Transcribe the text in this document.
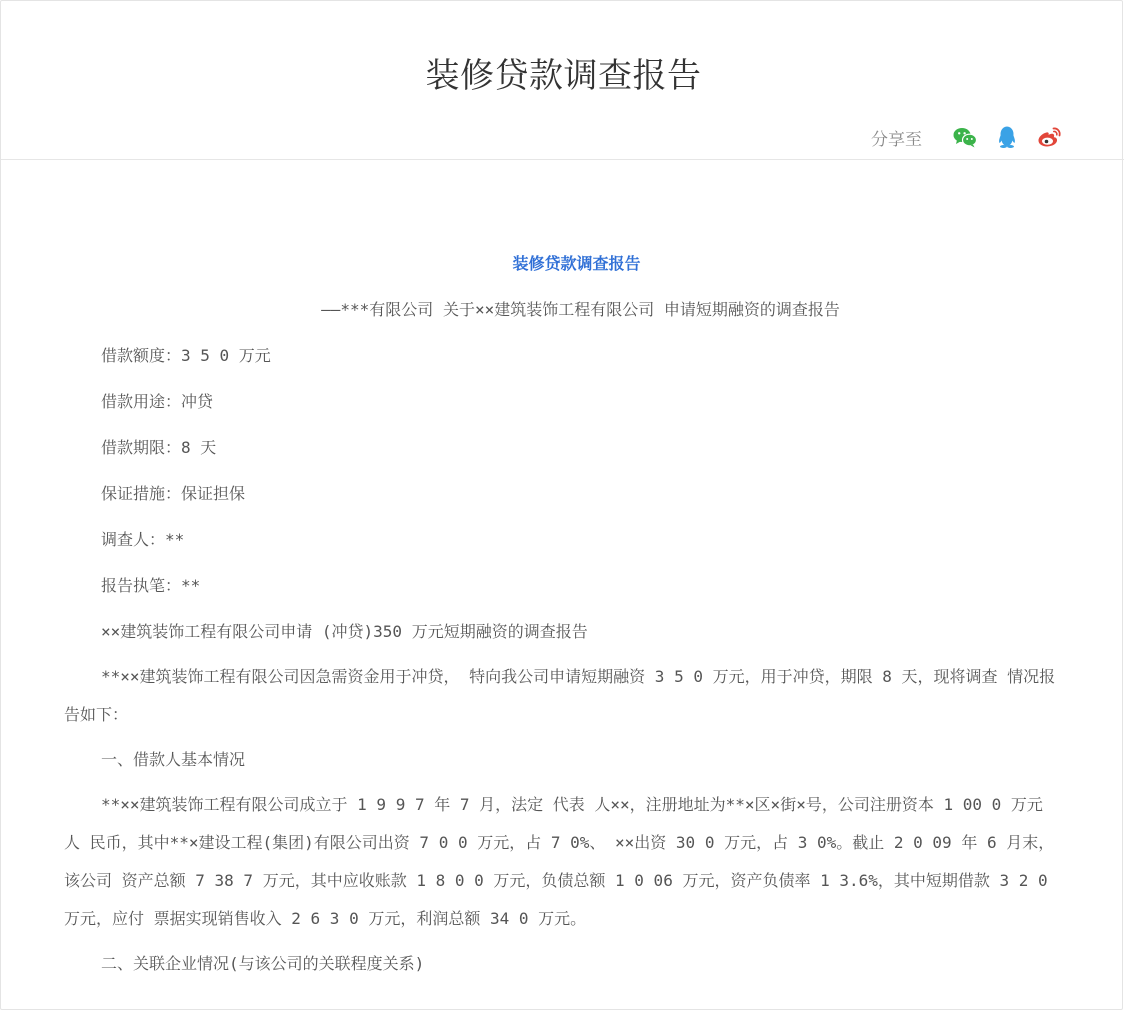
装修贷款调查报告
分享至

装修贷款调查报告

——***有限公司 关于××建筑装饰工程有限公司 申请短期融资的调查报告

借款额度：3 5 0 万元

借款用途：冲贷

借款期限：8 天

保证措施：保证担保

调查人：**

报告执笔：**

××建筑装饰工程有限公司申请 (冲贷)350 万元短期融资的调查报告

**××建筑装饰工程有限公司因急需资金用于冲贷， 特向我公司申请短期融资 3 5 0 万元，用于冲贷，期限 8 天，现将调查 情况报告如下：

一、借款人基本情况

**××建筑装饰工程有限公司成立于 1 9 9 7 年 7 月，法定 代表 人××，注册地址为**×区×街×号，公司注册资本 1 00 0 万元人 民币，其中**×建设工程(集团)有限公司出资 7 0 0 万元，占 7 0%、 ××出资 30 0 万元，占 3 0%。截止 2 0 09 年 6 月末，该公司 资产总额 7 38 7 万元，其中应收账款 1 8 0 0 万元，负债总额 1 0 06 万元，资产负债率 1 3.6%，其中短期借款 3 2 0 万元，应付 票据实现销售收入 2 6 3 0 万元，利润总额 34 0 万元。

二、关联企业情况(与该公司的关联程度关系)
